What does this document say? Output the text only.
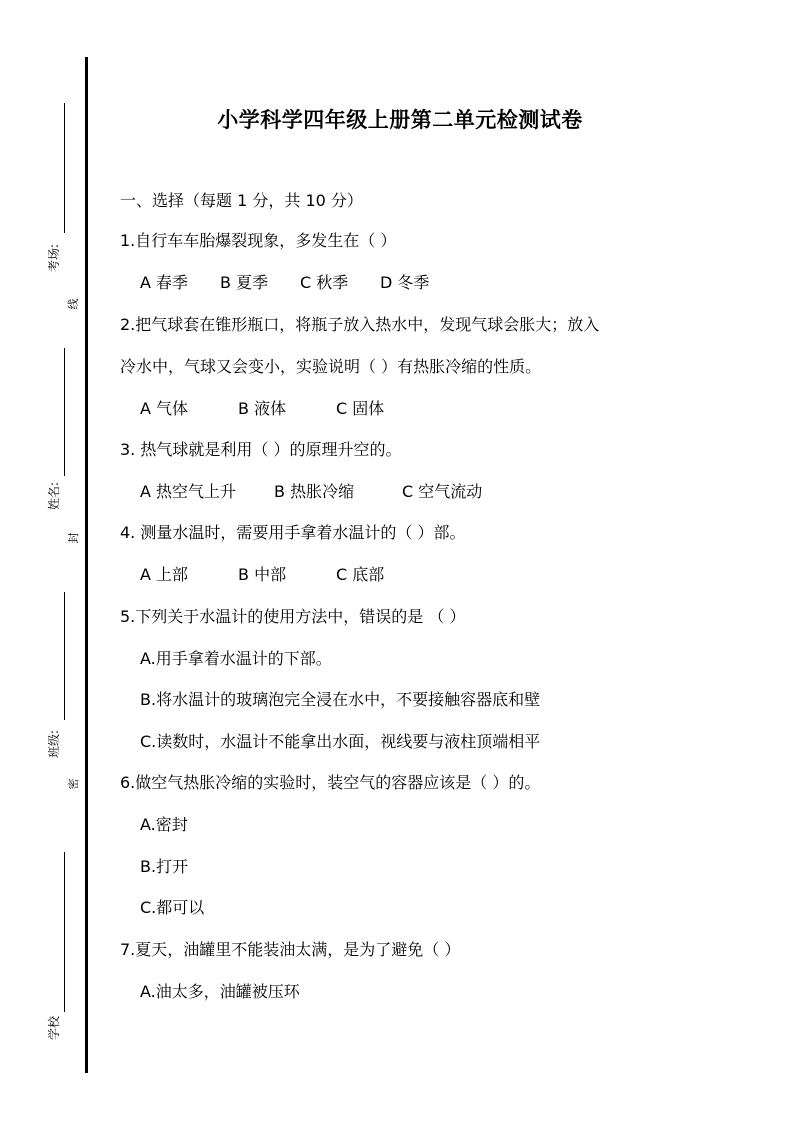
考场:
线
姓名:
封
班级:
密
学校
小学科学四年级上册第二单元检测试卷
一、选择（每题 1 分，共 10 分）
1.自行车车胎爆裂现象，多发生在（ ）
A 春季 B 夏季 C 秋季 D 冬季
2.把气球套在锥形瓶口，将瓶子放入热水中，发现气球会胀大；放入
冷水中，气球又会变小，实验说明（ ）有热胀冷缩的性质。
A 气体	B 液体	C 固体
3. 热气球就是利用（ ）的原理升空的。
A 热空气上升 B 热胀冷缩	C 空气流动
4. 测量水温时，需要用手拿着水温计的（ ）部。
A 上部	B 中部	C 底部
5.下列关于水温计的使用方法中，错误的是 （ ）
A.用手拿着水温计的下部。
B.将水温计的玻璃泡完全浸在水中，不要接触容器底和壁
C.读数时，水温计不能拿出水面，视线要与液柱顶端相平
6.做空气热胀冷缩的实验时，装空气的容器应该是（ ）的。
A.密封
B.打开
C.都可以
7.夏天，油罐里不能装油太满，是为了避免（ ）
A.油太多，油罐被压环
